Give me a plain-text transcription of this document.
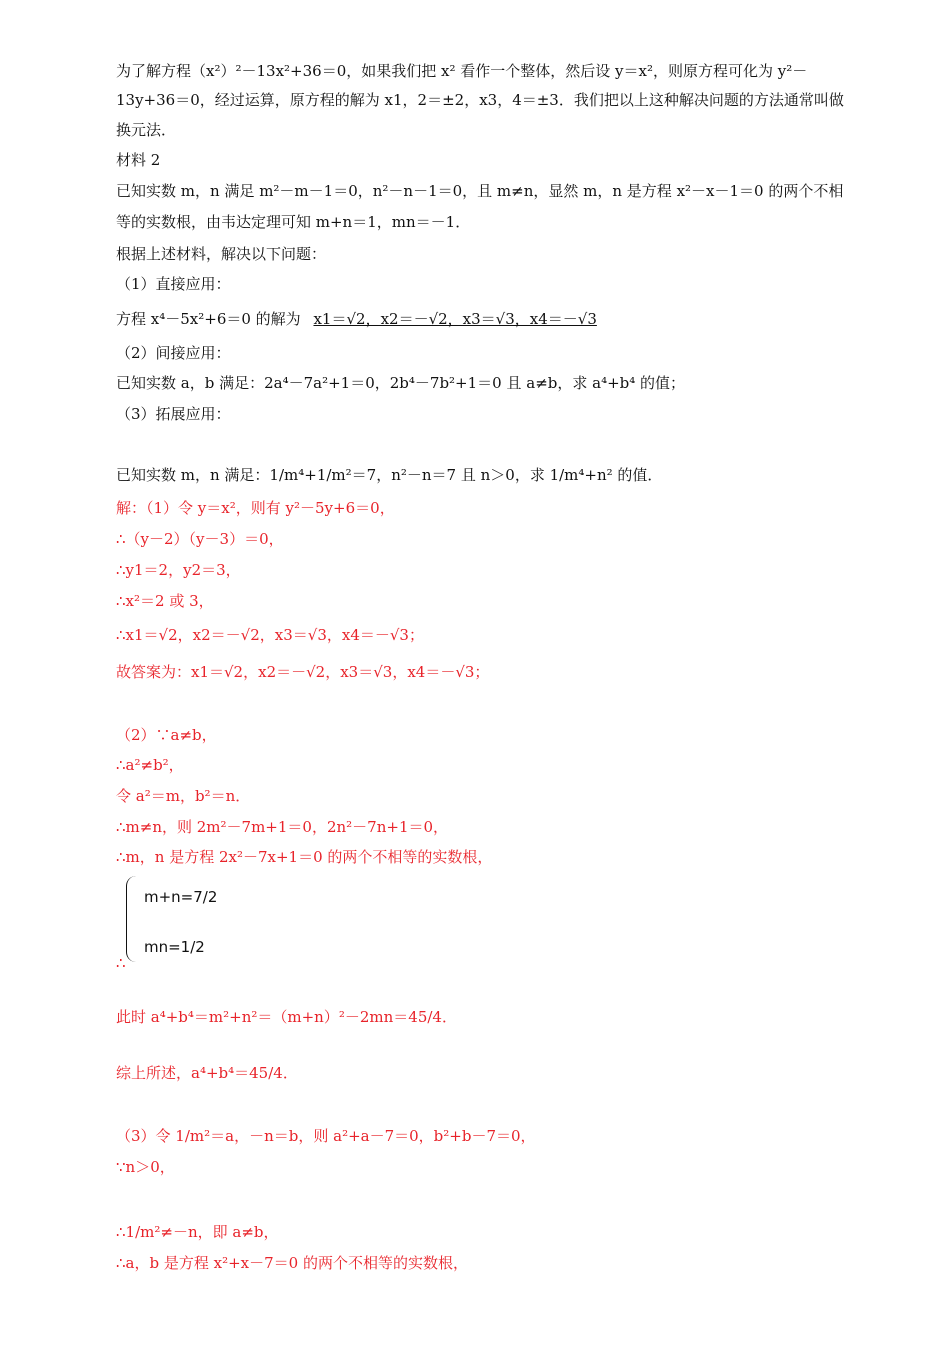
为了解方程（x²）²－13x²+36＝0，如果我们把 x² 看作一个整体，然后设 y＝x²，则原方程可化为 y²－
13y+36＝0，经过运算，原方程的解为 x1，2＝±2，x3，4＝±3．我们把以上这种解决问题的方法通常叫做
换元法．
材料 2
已知实数 m，n 满足 m²－m－1＝0，n²－n－1＝0，且 m≠n，显然 m，n 是方程 x²－x－1＝0 的两个不相
等的实数根，由韦达定理可知 m+n＝1，mn＝－1．
根据上述材料，解决以下问题：
（1）直接应用：
方程 x⁴－5x²+6＝0 的解为 x1＝√2，x2＝－√2，x3＝√3，x4＝－√3
（2）间接应用：
已知实数 a，b 满足：2a⁴－7a²+1＝0，2b⁴－7b²+1＝0 且 a≠b，求 a⁴+b⁴ 的值；
（3）拓展应用：
已知实数 m，n 满足：1/m⁴+1/m²＝7，n²－n＝7 且 n＞0，求 1/m⁴+n² 的值．
解：（1）令 y＝x²，则有 y²－5y+6＝0，
∴（y－2）（y－3）＝0，
∴y1＝2，y2＝3，
∴x²＝2 或 3，
∴x1＝√2，x2＝－√2，x3＝√3，x4＝－√3；
故答案为：x1＝√2，x2＝－√2，x3＝√3，x4＝－√3；
（2）∵a≠b，
∴a²≠b²，
令 a²＝m，b²＝n．
∴m≠n，则 2m²－7m+1＝0，2n²－7n+1＝0，
∴m，n 是方程 2x²－7x+1＝0 的两个不相等的实数根，
∴
m+n=7/2
mn=1/2
此时 a⁴+b⁴＝m²+n²＝（m+n）²－2mn＝45/4．
综上所述，a⁴+b⁴＝45/4．
（3）令 1/m²＝a，－n＝b，则 a²+a－7＝0，b²+b－7＝0，
∵n＞0，
∴1/m²≠－n，即 a≠b，
∴a，b 是方程 x²+x－7＝0 的两个不相等的实数根，
